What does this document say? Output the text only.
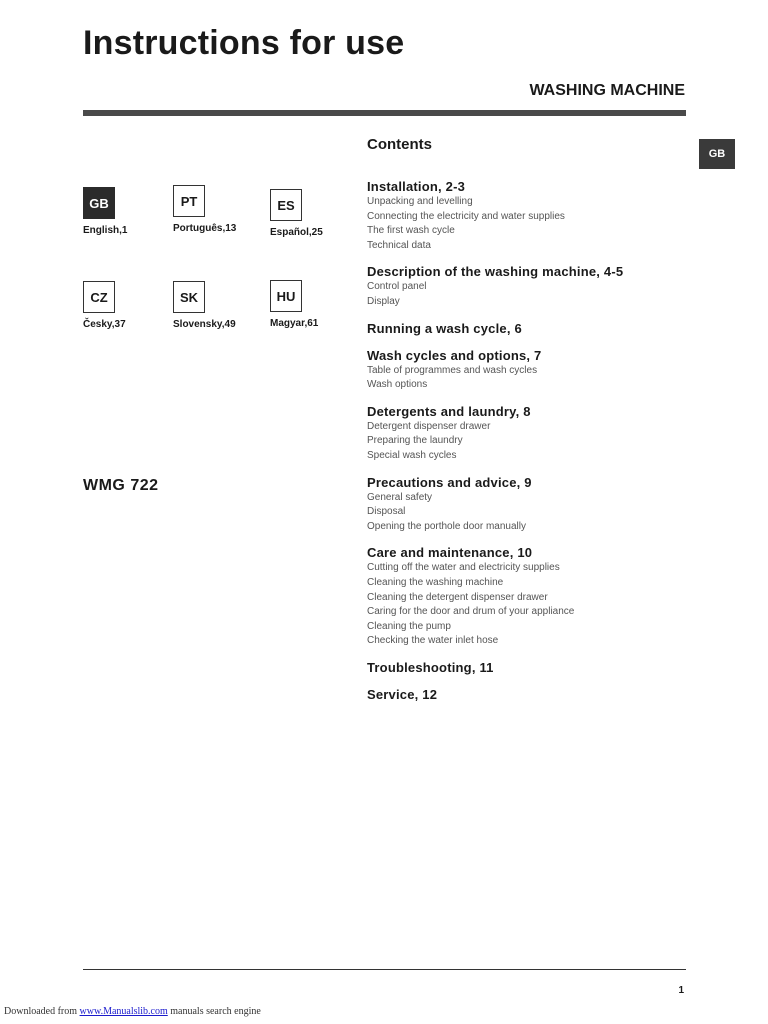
Instructions for use
WASHING MACHINE
GB
GB
English,1
PT
Português,13
ES
Español,25
CZ
Česky,37
SK
Slovensky,49
HU
Magyar,61
WMG 722
Contents
Installation, 2-3
Unpacking and levelling
Connecting the electricity and water supplies
The first wash cycle
Technical data
Description of the washing machine, 4-5
Control panel
Display
Running a wash cycle, 6
Wash cycles and options, 7
Table of programmes and wash cycles
Wash options
Detergents and laundry, 8
Detergent dispenser drawer
Preparing the laundry
Special wash cycles
Precautions and advice, 9
General safety
Disposal
Opening the porthole door manually
Care and maintenance, 10
Cutting off the water and electricity supplies
Cleaning the washing machine
Cleaning the detergent dispenser drawer
Caring for the door and drum of your appliance
Cleaning the pump
Checking the water inlet hose
Troubleshooting, 11
Service, 12
1
Downloaded from www.Manualslib.com manuals search engine
